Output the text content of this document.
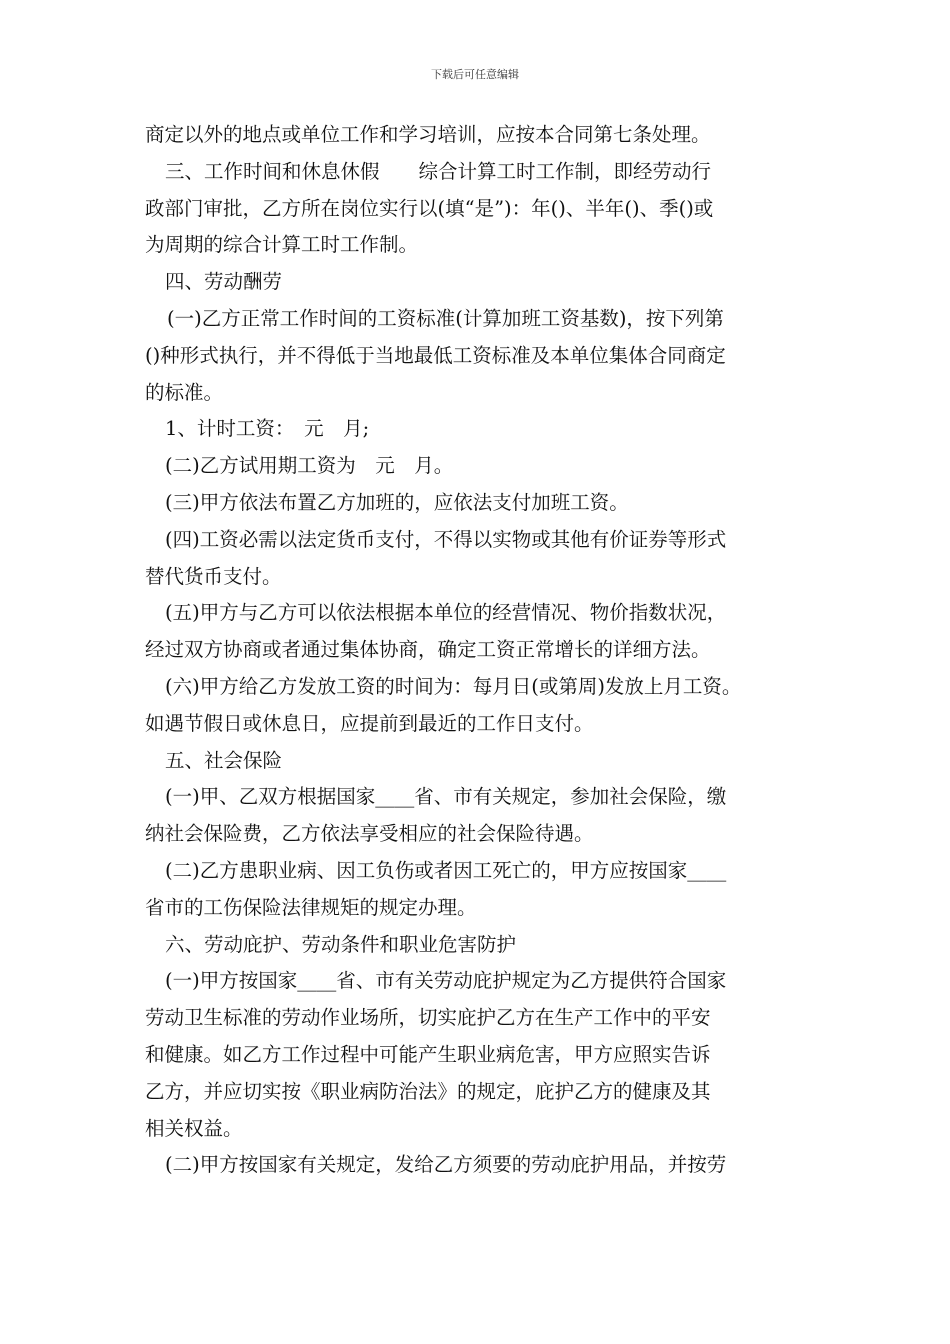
下载后可任意编辑
商定以外的地点或单位工作和学习培训，应按本合同第七条处理。
三、工作时间和休息休假　　综合计算工时工作制，即经劳动行
政部门审批，乙方所在岗位实行以(填“是”)：年()、半年()、季()或
为周期的综合计算工时工作制。
四、劳动酬劳
(一)乙方正常工作时间的工资标准(计算加班工资基数)，按下列第
()种形式执行，并不得低于当地最低工资标准及本单位集体合同商定
的标准。
1、计时工资：　元　月;
(二)乙方试用期工资为　元　月。
(三)甲方依法布置乙方加班的，应依法支付加班工资。
(四)工资必需以法定货币支付，不得以实物或其他有价证券等形式
替代货币支付。
(五)甲方与乙方可以依法根据本单位的经营情况、物价指数状况，
经过双方协商或者通过集体协商，确定工资正常增长的详细方法。
(六)甲方给乙方发放工资的时间为：每月日(或第周)发放上月工资。
如遇节假日或休息日，应提前到最近的工作日支付。
五、社会保险
(一)甲、乙双方根据国家____省、市有关规定，参加社会保险，缴
纳社会保险费，乙方依法享受相应的社会保险待遇。
(二)乙方患职业病、因工负伤或者因工死亡的，甲方应按国家____
省市的工伤保险法律规矩的规定办理。
六、劳动庇护、劳动条件和职业危害防护
(一)甲方按国家____省、市有关劳动庇护规定为乙方提供符合国家
劳动卫生标准的劳动作业场所，切实庇护乙方在生产工作中的平安
和健康。如乙方工作过程中可能产生职业病危害，甲方应照实告诉
乙方，并应切实按《职业病防治法》的规定，庇护乙方的健康及其
相关权益。
(二)甲方按国家有关规定，发给乙方须要的劳动庇护用品，并按劳
